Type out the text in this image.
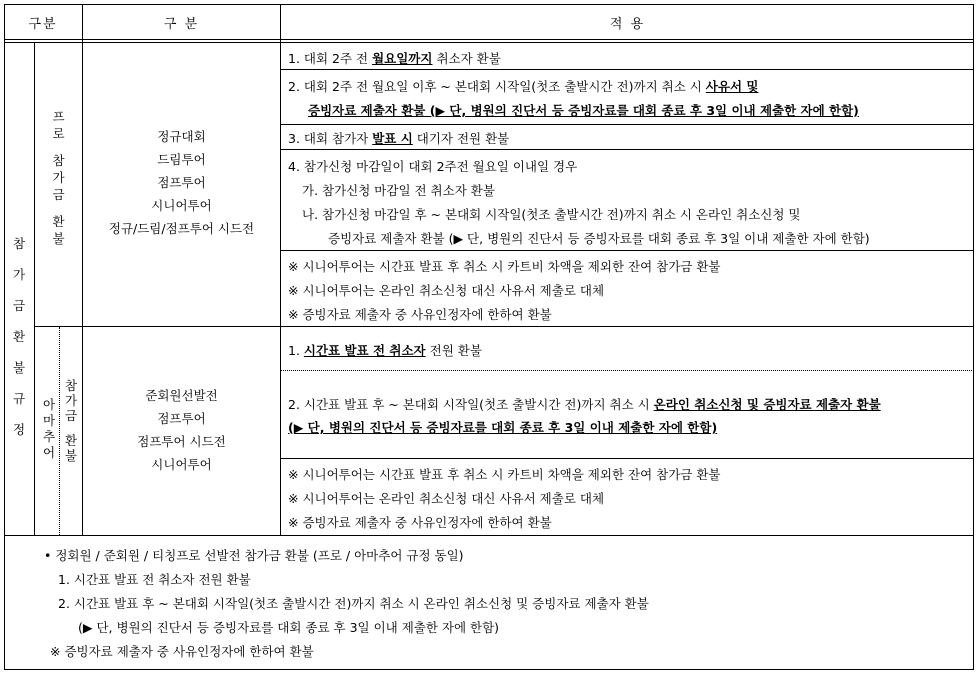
구분	구 분	적 용
참
가
금
환
불
규
정
프
로
참
가
금
환
불
정규대회
드림투어
점프투어
시니어투어
정규/드림/점프투어 시드전
1. 대회 2주 전 월요일까지 취소자 환불
2. 대회 2주 전 월요일 이후 ~ 본대회 시작일(첫조 출발시간 전)까지 취소 시 사유서 및
증빙자료 제출자 환불 (▶ 단, 병원의 진단서 등 증빙자료를 대회 종료 후 3일 이내 제출한 자에 한함)
3. 대회 참가자 발표 시 대기자 전원 환불
4. 참가신청 마감일이 대회 2주전 월요일 이내일 경우
가. 참가신청 마감일 전 취소자 환불
나. 참가신청 마감일 후 ~ 본대회 시작일(첫조 출발시간 전)까지 취소 시 온라인 취소신청 및
증빙자료 제출자 환불 (▶ 단, 병원의 진단서 등 증빙자료를 대회 종료 후 3일 이내 제출한 자에 한함)
※ 시니어투어는 시간표 발표 후 취소 시 카트비 차액을 제외한 잔여 참가금 환불
※ 시니어투어는 온라인 취소신청 대신 사유서 제출로 대체
※ 증빙자료 제출자 중 사유인정자에 한하여 환불
아
마
추
어
참
가
금
환
불
준회원선발전
점프투어
점프투어 시드전
시니어투어
1. 시간표 발표 전 취소자 전원 환불
2. 시간표 발표 후 ~ 본대회 시작일(첫조 출발시간 전)까지 취소 시 온라인 취소신청 및 증빙자료 제출자 환불
(▶ 단, 병원의 진단서 등 증빙자료를 대회 종료 후 3일 이내 제출한 자에 한함)
※ 시니어투어는 시간표 발표 후 취소 시 카트비 차액을 제외한 잔여 참가금 환불
※ 시니어투어는 온라인 취소신청 대신 사유서 제출로 대체
※ 증빙자료 제출자 중 사유인정자에 한하여 환불
• 정회원 / 준회원 / 티칭프로 선발전 참가금 환불 (프로 / 아마추어 규정 동일)
1. 시간표 발표 전 취소자 전원 환불
2. 시간표 발표 후 ~ 본대회 시작일(첫조 출발시간 전)까지 취소 시 온라인 취소신청 및 증빙자료 제출자 환불
(▶ 단, 병원의 진단서 등 증빙자료를 대회 종료 후 3일 이내 제출한 자에 한함)
※ 증빙자료 제출자 중 사유인정자에 한하여 환불
